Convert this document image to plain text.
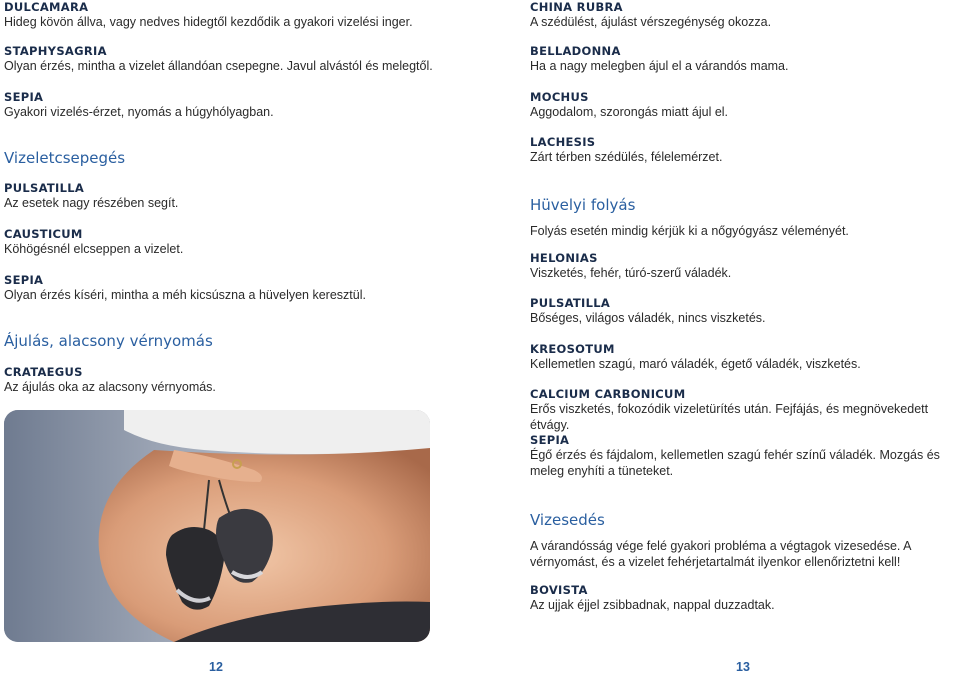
DULCAMARA
Hideg kövön állva, vagy nedves hidegtől kezdődik a gyakori vizelési inger.
STAPHYSAGRIA
Olyan érzés, mintha a vizelet állandóan csepegne. Javul alvástól és melegtől.
SEPIA
Gyakori vizelés-érzet, nyomás a húgyhólyagban.
Vizeletcsepegés
PULSATILLA
Az esetek nagy részében segít.
CAUSTICUM
Köhögésnél elcseppen a vizelet.
SEPIA
Olyan érzés kíséri, mintha a méh kicsúszna a hüvelyen keresztül.
Ájulás, alacsony vérnyomás
CRATAEGUS
Az ájulás oka az alacsony vérnyomás.
CHINA RUBRA
A szédülést, ájulást vérszegénység okozza.
BELLADONNA
Ha a nagy melegben ájul el a várandós mama.
MOCHUS
Aggodalom, szorongás miatt ájul el.
LACHESIS
Zárt térben szédülés, félelemérzet.
Hüvelyi folyás
Folyás esetén mindig kérjük ki a nőgyógyász véleményét.
HELONIAS
Viszketés, fehér, túró-szerű váladék.
PULSATILLA
Bőséges, világos váladék, nincs viszketés.
KREOSOTUM
Kellemetlen szagú, maró váladék, égető váladék, viszketés.
CALCIUM CARBONICUM
Erős viszketés, fokozódik vizeletürítés után. Fejfájás, és megnövekedett étvágy.
SEPIA
Égő érzés és fájdalom, kellemetlen szagú fehér színű váladék. Mozgás és meleg enyhíti a tüneteket.
Vizesedés
A várandósság vége felé gyakori probléma a végtagok vizesedése. A vérnyomást, és a vizelet fehérjetartalmát ilyenkor ellenőriztetni kell!
BOVISTA
Az ujjak éjjel zsibbadnak, nappal duzzadtak.
12	13
